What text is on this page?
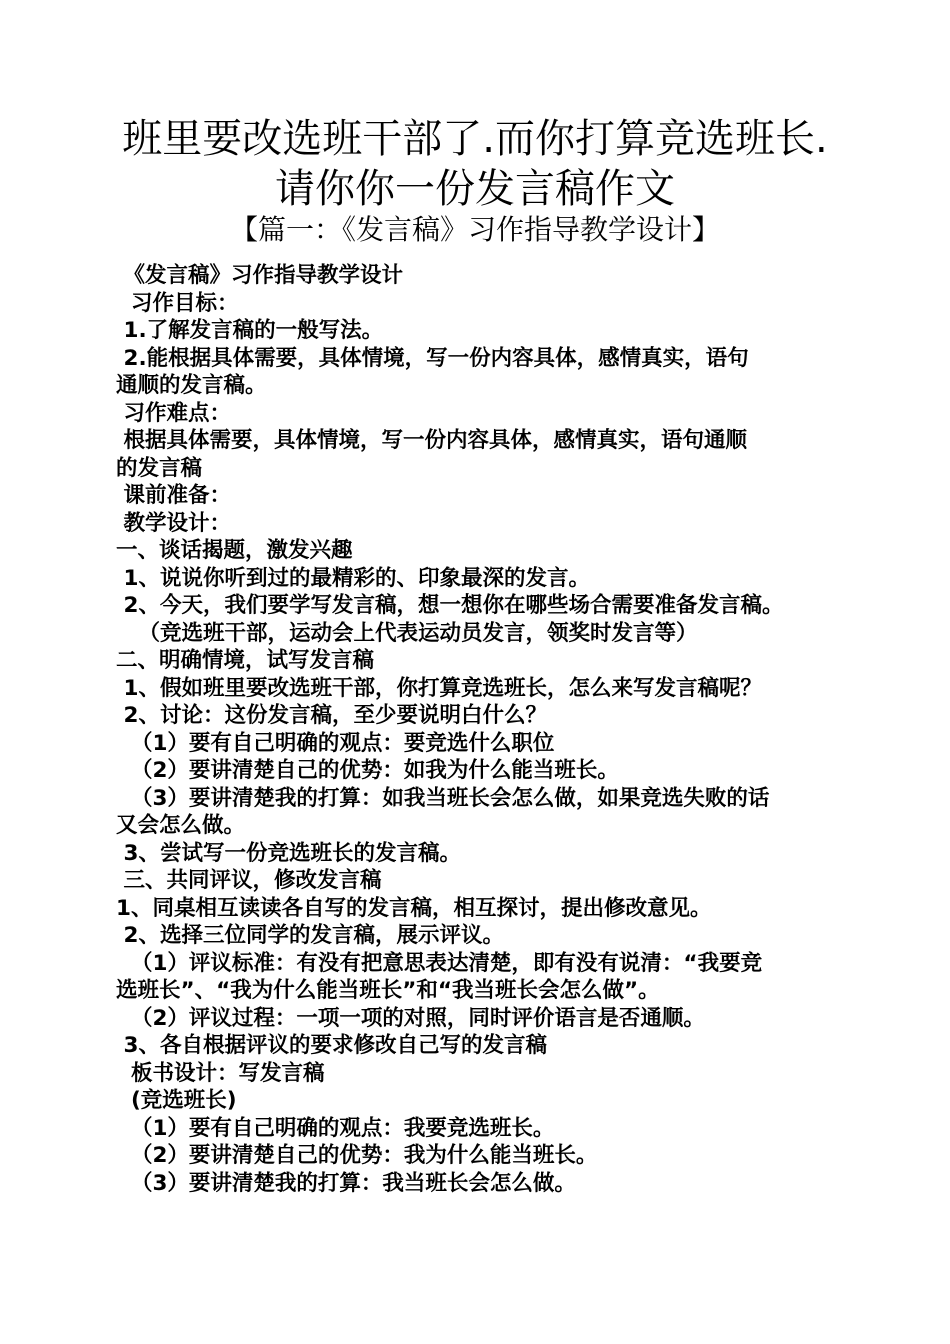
班里要改选班干部了.而你打算竞选班长.
请你你一份发言稿作文
【篇一：《发言稿》习作指导教学设计】
《发言稿》习作指导教学设计
习作目标：
1.了解发言稿的一般写法。
2.能根据具体需要，具体情境，写一份内容具体，感情真实，语句
通顺的发言稿。
习作难点：
根据具体需要，具体情境，写一份内容具体，感情真实，语句通顺
的发言稿
课前准备：
教学设计：
一、谈话揭题，激发兴趣
1、说说你听到过的最精彩的、印象最深的发言。
2、今天，我们要学写发言稿，想一想你在哪些场合需要准备发言稿。
（竞选班干部，运动会上代表运动员发言，领奖时发言等）
二、明确情境，试写发言稿
1、假如班里要改选班干部，你打算竞选班长，怎么来写发言稿呢？
2、讨论：这份发言稿，至少要说明白什么？
（1）要有自己明确的观点：要竞选什么职位
（2）要讲清楚自己的优势：如我为什么能当班长。
（3）要讲清楚我的打算：如我当班长会怎么做，如果竞选失败的话
又会怎么做。
3、尝试写一份竞选班长的发言稿。
三、共同评议，修改发言稿
1、同桌相互读读各自写的发言稿，相互探讨，提出修改意见。
2、选择三位同学的发言稿，展示评议。
（1）评议标准：有没有把意思表达清楚，即有没有说清：“我要竞
选班长”、“我为什么能当班长”和“我当班长会怎么做”。
（2）评议过程：一项一项的对照，同时评价语言是否通顺。
3、各自根据评议的要求修改自己写的发言稿
板书设计：写发言稿
(竞选班长)
（1）要有自己明确的观点：我要竞选班长。
（2）要讲清楚自己的优势：我为什么能当班长。
（3）要讲清楚我的打算：我当班长会怎么做。
